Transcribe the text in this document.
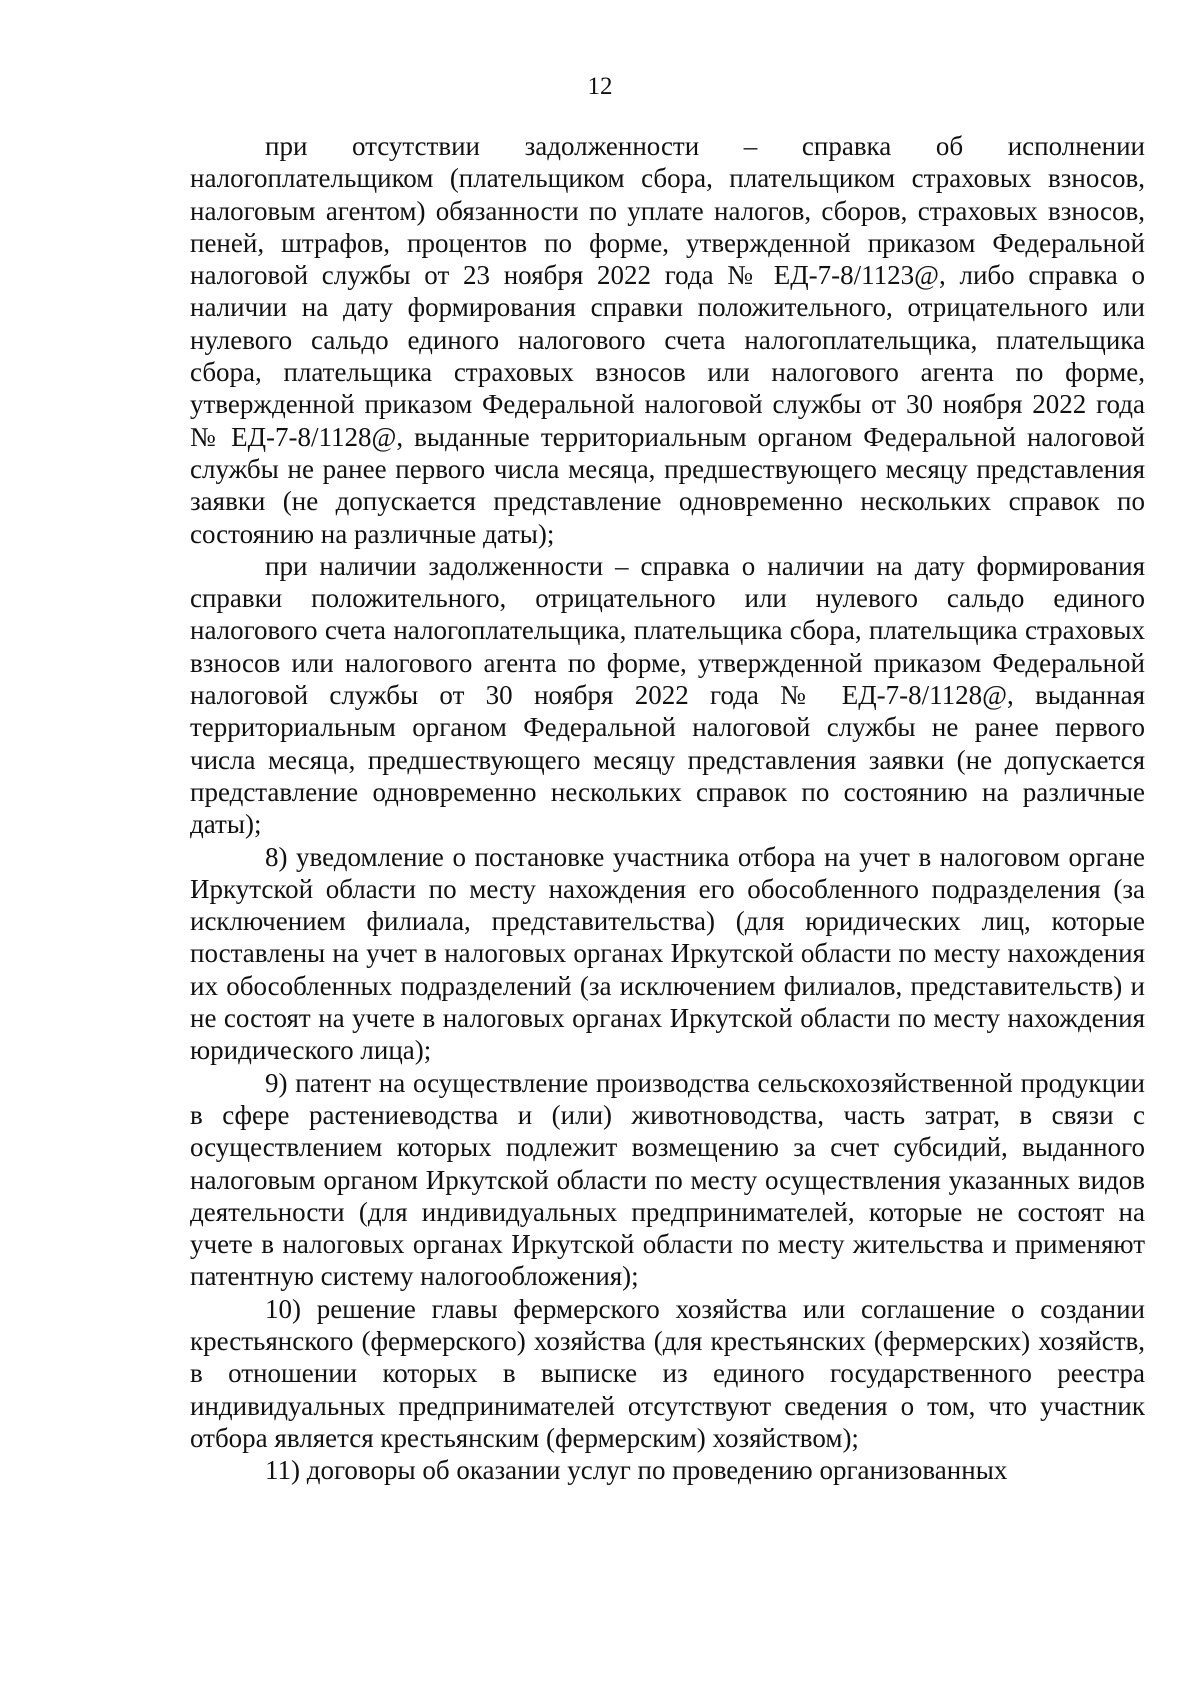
12

при отсутствии задолженности – справка об исполнении налогоплательщиком (плательщиком сбора, плательщиком страховых взносов, налоговым агентом) обязанности по уплате налогов, сборов, страховых взносов, пеней, штрафов, процентов по форме, утвержденной приказом Федеральной налоговой службы от 23 ноября 2022 года № ЕД-7-8/1123@, либо справка о наличии на дату формирования справки положительного, отрицательного или нулевого сальдо единого налогового счета налогоплательщика, плательщика сбора, плательщика страховых взносов или налогового агента по форме, утвержденной приказом Федеральной налоговой службы от 30 ноября 2022 года № ЕД-7-8/1128@, выданные территориальным органом Федеральной налоговой службы не ранее первого числа месяца, предшествующего месяцу представления заявки (не допускается представление одновременно нескольких справок по состоянию на различные даты);

при наличии задолженности – справка о наличии на дату формирования справки положительного, отрицательного или нулевого сальдо единого налогового счета налогоплательщика, плательщика сбора, плательщика страховых взносов или налогового агента по форме, утвержденной приказом Федеральной налоговой службы от 30 ноября 2022 года № ЕД-7-8/1128@, выданная территориальным органом Федеральной налоговой службы не ранее первого числа месяца, предшествующего месяцу представления заявки (не допускается представление одновременно нескольких справок по состоянию на различные даты);

8) уведомление о постановке участника отбора на учет в налоговом органе Иркутской области по месту нахождения его обособленного подразделения (за исключением филиала, представительства) (для юридических лиц, которые поставлены на учет в налоговых органах Иркутской области по месту нахождения их обособленных подразделений (за исключением филиалов, представительств) и не состоят на учете в налоговых органах Иркутской области по месту нахождения юридического лица);

9) патент на осуществление производства сельскохозяйственной продукции в сфере растениеводства и (или) животноводства, часть затрат, в связи с осуществлением которых подлежит возмещению за счет субсидий, выданного налоговым органом Иркутской области по месту осуществления указанных видов деятельности (для индивидуальных предпринимателей, которые не состоят на учете в налоговых органах Иркутской области по месту жительства и применяют патентную систему налогообложения);

10) решение главы фермерского хозяйства или соглашение о создании крестьянского (фермерского) хозяйства (для крестьянских (фермерских) хозяйств, в отношении которых в выписке из единого государственного реестра индивидуальных предпринимателей отсутствуют сведения о том, что участник отбора является крестьянским (фермерским) хозяйством);

11) договоры об оказании услуг по проведению организованных
